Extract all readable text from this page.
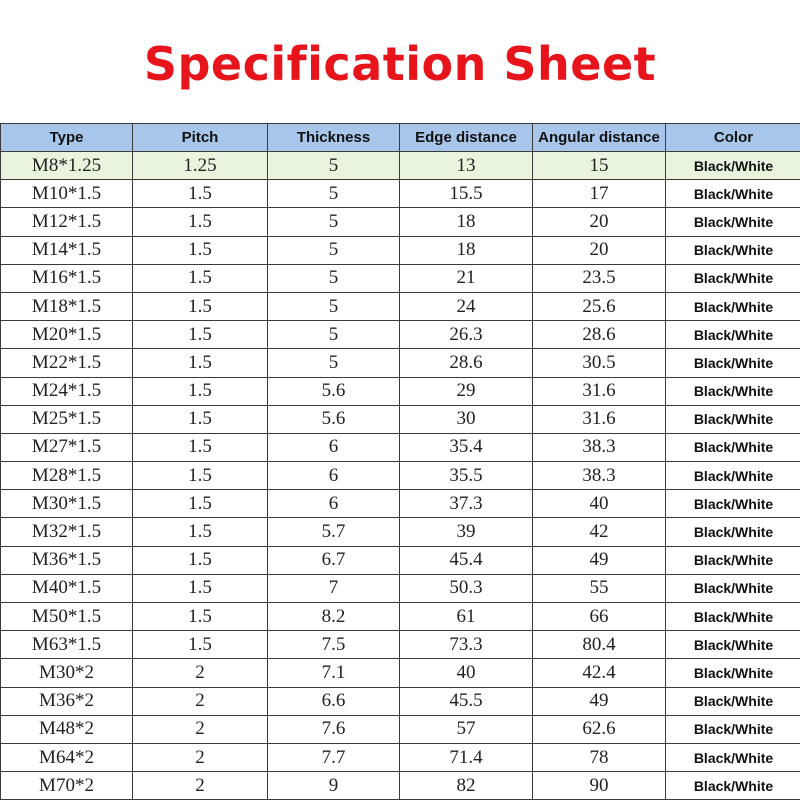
Specification Sheet
Type	Pitch	Thickness	Edge distance	Angular distance	Color
M8*1.25	1.25	5	13	15	Black/White
M10*1.5	1.5	5	15.5	17	Black/White
M12*1.5	1.5	5	18	20	Black/White
M14*1.5	1.5	5	18	20	Black/White
M16*1.5	1.5	5	21	23.5	Black/White
M18*1.5	1.5	5	24	25.6	Black/White
M20*1.5	1.5	5	26.3	28.6	Black/White
M22*1.5	1.5	5	28.6	30.5	Black/White
M24*1.5	1.5	5.6	29	31.6	Black/White
M25*1.5	1.5	5.6	30	31.6	Black/White
M27*1.5	1.5	6	35.4	38.3	Black/White
M28*1.5	1.5	6	35.5	38.3	Black/White
M30*1.5	1.5	6	37.3	40	Black/White
M32*1.5	1.5	5.7	39	42	Black/White
M36*1.5	1.5	6.7	45.4	49	Black/White
M40*1.5	1.5	7	50.3	55	Black/White
M50*1.5	1.5	8.2	61	66	Black/White
M63*1.5	1.5	7.5	73.3	80.4	Black/White
M30*2	2	7.1	40	42.4	Black/White
M36*2	2	6.6	45.5	49	Black/White
M48*2	2	7.6	57	62.6	Black/White
M64*2	2	7.7	71.4	78	Black/White
M70*2	2	9	82	90	Black/White
